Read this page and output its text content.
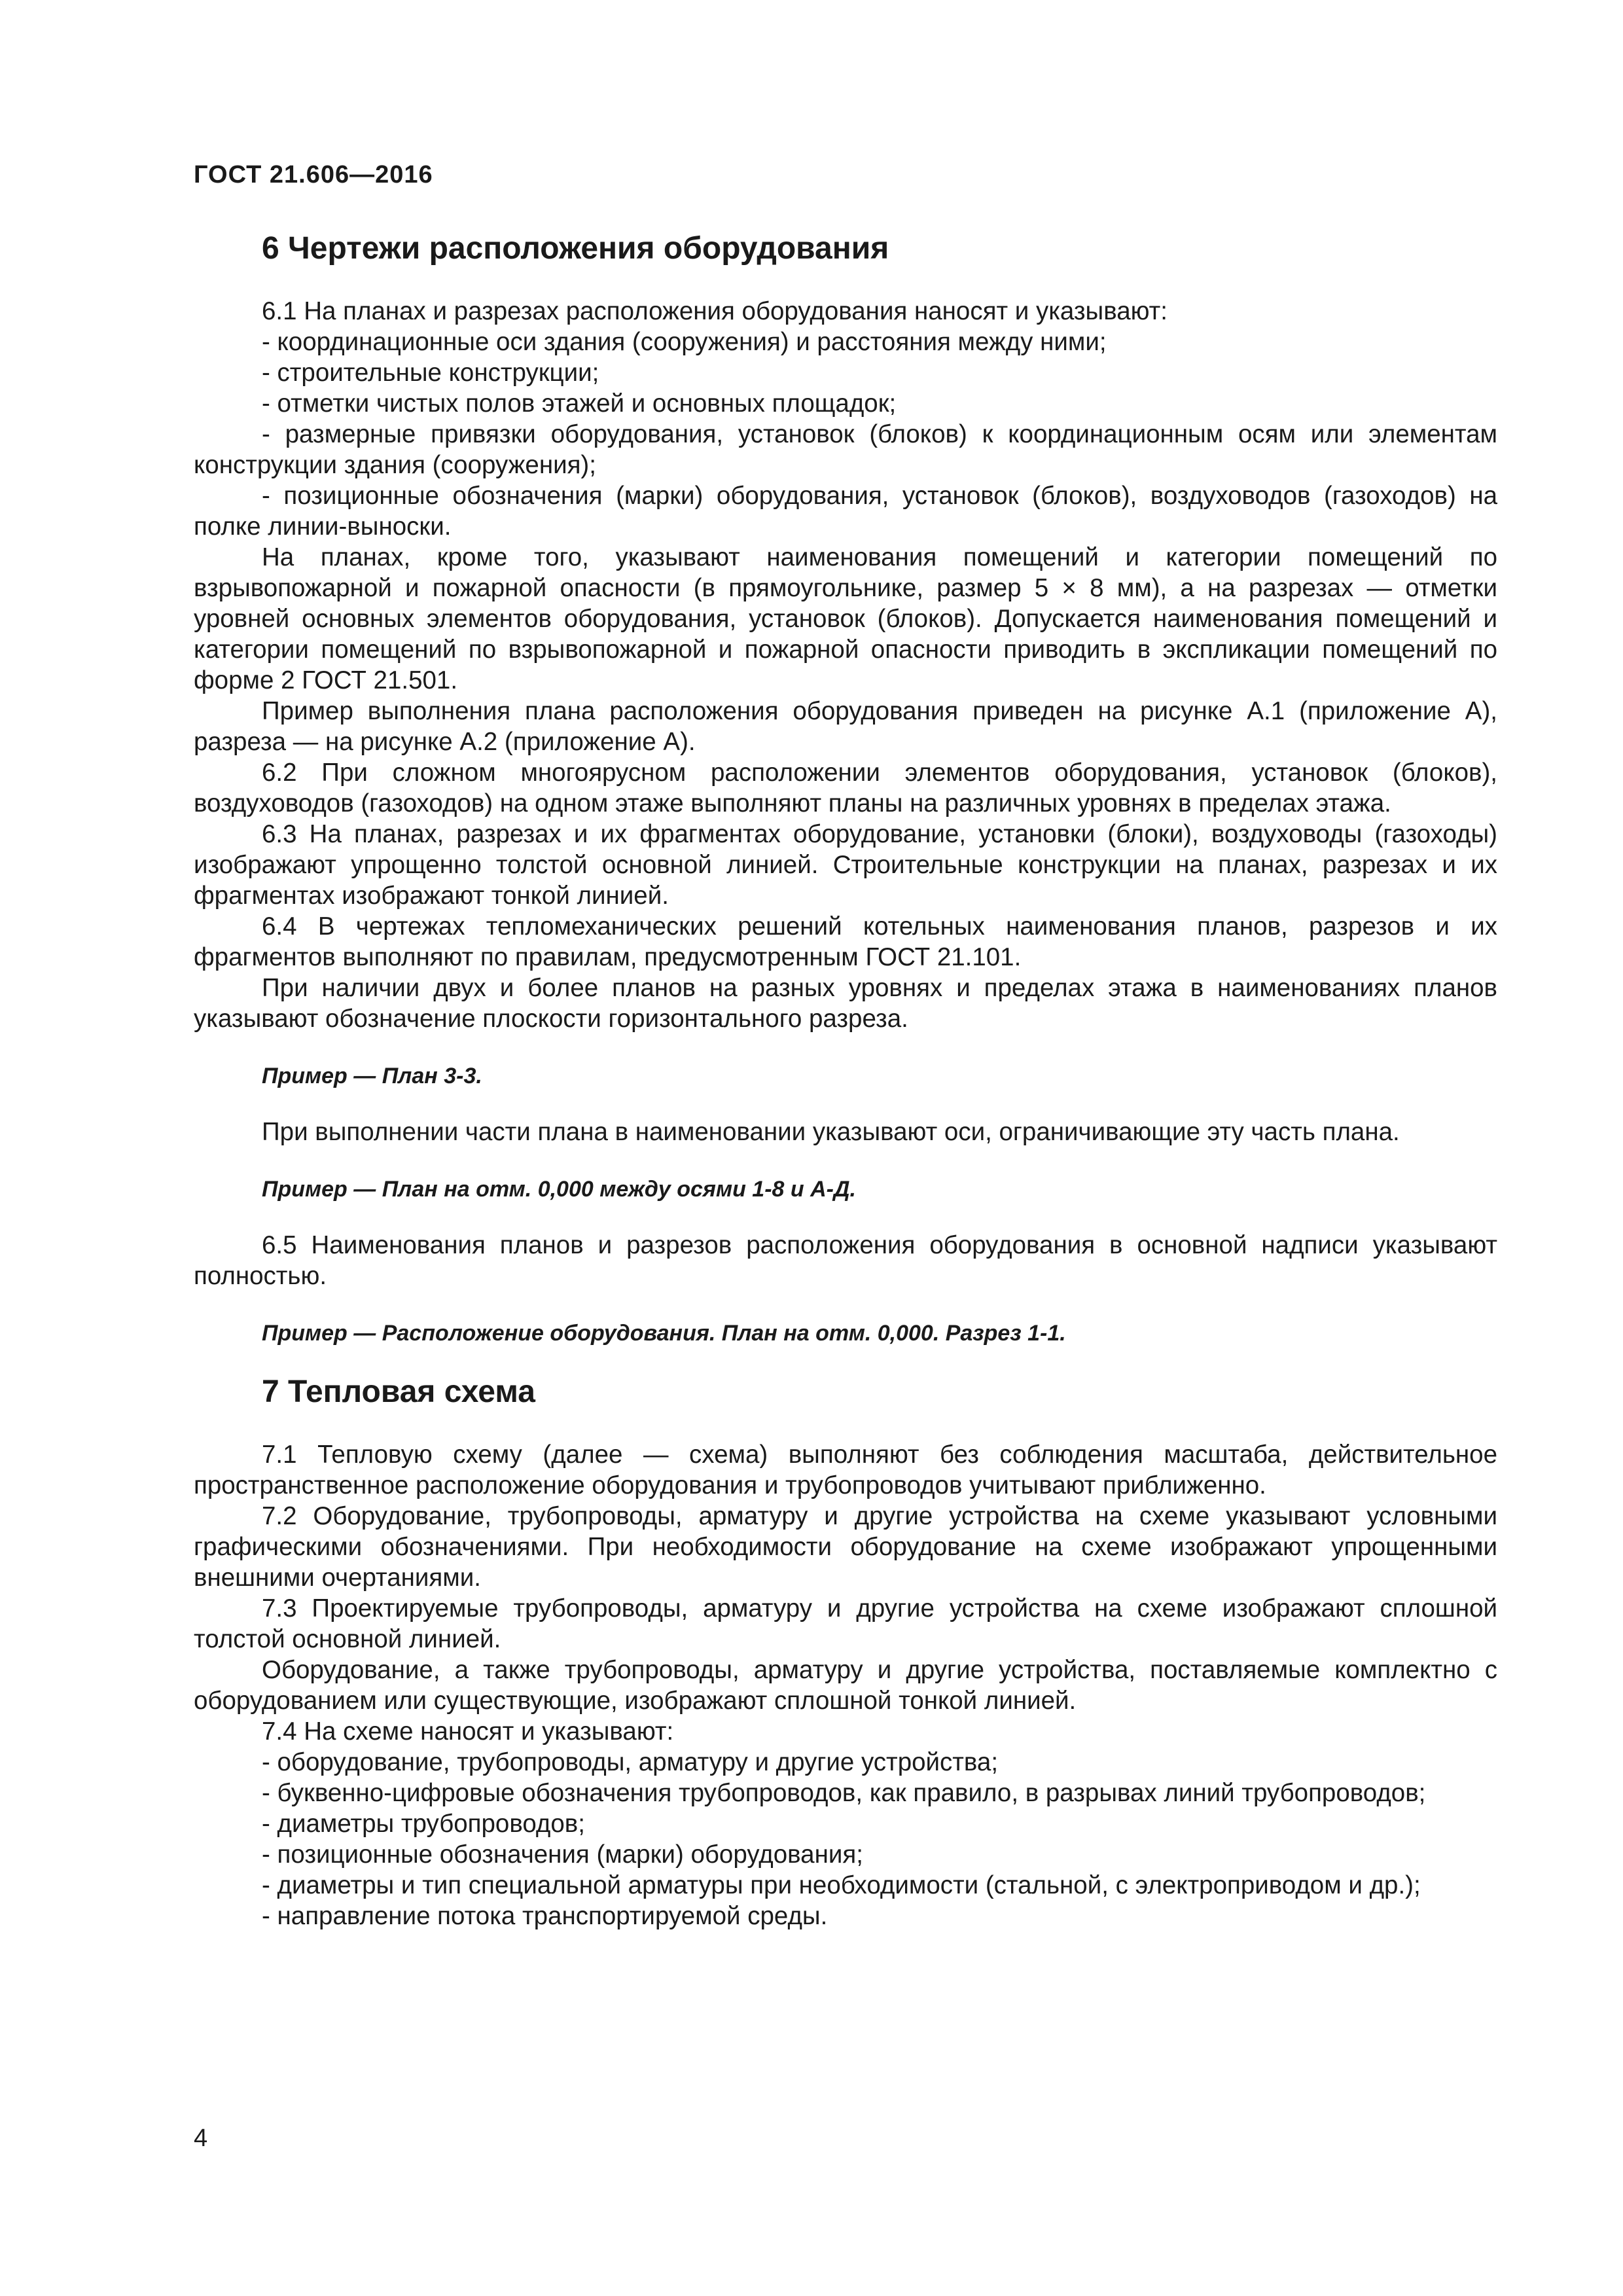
ГОСТ 21.606—2016
6 Чертежи расположения оборудования

6.1 На планах и разрезах расположения оборудования наносят и указывают:

- координационные оси здания (сооружения) и расстояния между ними;

- строительные конструкции;

- отметки чистых полов этажей и основных площадок;

- размерные привязки оборудования, установок (блоков) к координационным осям или элементам конструкции здания (сооружения);

- позиционные обозначения (марки) оборудования, установок (блоков), воздуховодов (газоходов) на полке линии-выноски.

На планах, кроме того, указывают наименования помещений и категории помещений по взрывопожарной и пожарной опасности (в прямоугольнике, размер 5 × 8 мм), а на разрезах — отметки уровней основных элементов оборудования, установок (блоков). Допускается наименования помещений и категории помещений по взрывопожарной и пожарной опасности приводить в экспликации помещений по форме 2 ГОСТ 21.501.

Пример выполнения плана расположения оборудования приведен на рисунке А.1 (приложение А), разреза — на рисунке А.2 (приложение А).

6.2 При сложном многоярусном расположении элементов оборудования, установок (блоков), воздуховодов (газоходов) на одном этаже выполняют планы на различных уровнях в пределах этажа.

6.3 На планах, разрезах и их фрагментах оборудование, установки (блоки), воздуховоды (газоходы) изображают упрощенно толстой основной линией. Строительные конструкции на планах, разрезах и их фрагментах изображают тонкой линией.

6.4 В чертежах тепломеханических решений котельных наименования планов, разрезов и их фрагментов выполняют по правилам, предусмотренным ГОСТ 21.101.

При наличии двух и более планов на разных уровнях и пределах этажа в наименованиях планов указывают обозначение плоскости горизонтального разреза.

Пример — План 3-3.

При выполнении части плана в наименовании указывают оси, ограничивающие эту часть плана.

Пример — План на отм. 0,000 между осями 1-8 и А-Д.

6.5 Наименования планов и разрезов расположения оборудования в основной надписи указывают полностью.

Пример — Расположение оборудования. План на отм. 0,000. Разрез 1-1.

7 Тепловая схема

7.1 Тепловую схему (далее — схема) выполняют без соблюдения масштаба, действительное пространственное расположение оборудования и трубопроводов учитывают приближенно.

7.2 Оборудование, трубопроводы, арматуру и другие устройства на схеме указывают условными графическими обозначениями. При необходимости оборудование на схеме изображают упрощенными внешними очертаниями.

7.3 Проектируемые трубопроводы, арматуру и другие устройства на схеме изображают сплошной толстой основной линией.

Оборудование, а также трубопроводы, арматуру и другие устройства, поставляемые комплектно с оборудованием или существующие, изображают сплошной тонкой линией.

7.4 На схеме наносят и указывают:

- оборудование, трубопроводы, арматуру и другие устройства;

- буквенно-цифровые обозначения трубопроводов, как правило, в разрывах линий трубопроводов;

- диаметры трубопроводов;

- позиционные обозначения (марки) оборудования;

- диаметры и тип специальной арматуры при необходимости (стальной, с электроприводом и др.);

- направление потока транспортируемой среды.

4
